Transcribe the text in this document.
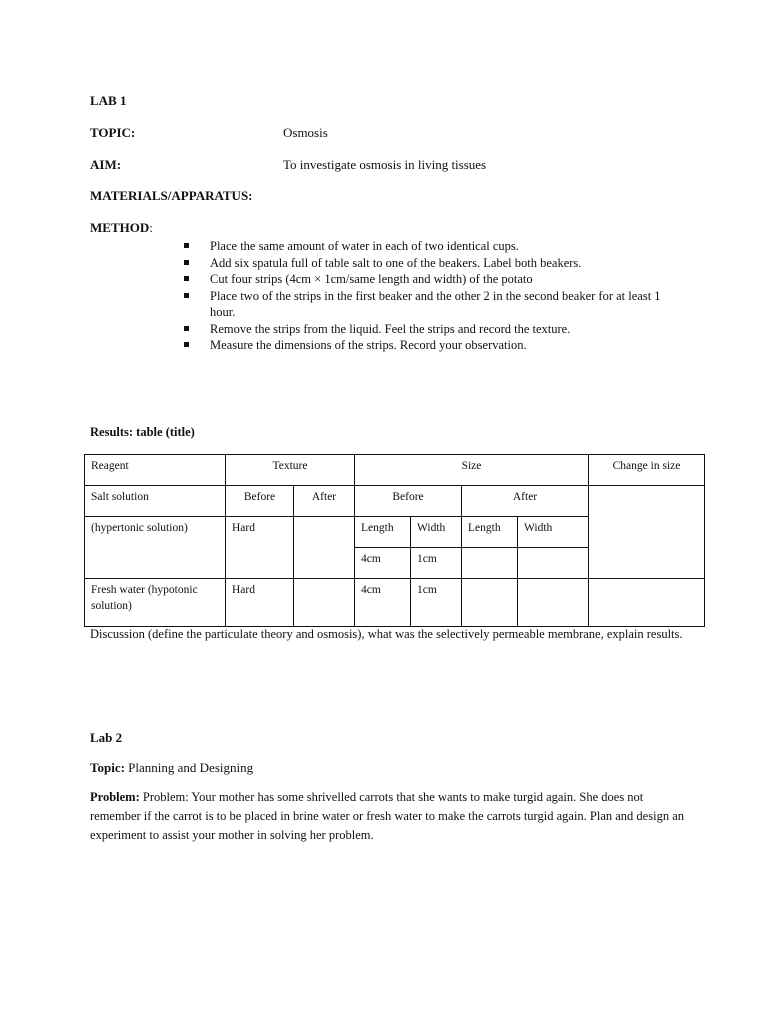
LAB 1
TOPIC:	Osmosis
AIM:	To investigate osmosis in living tissues
MATERIALS/APPARATUS:
METHOD:
Place the same amount of water in each of two identical cups.
Add six spatula full of table salt to one of the beakers. Label both beakers.
Cut four strips (4cm × 1cm/same length and width) of the potato
Place two of the strips in the first beaker and the other 2 in the second beaker for at least 1 hour.
Remove the strips from the liquid. Feel the strips and record the texture.
Measure the dimensions of the strips. Record your observation.
Results: table (title)
Reagent	Texture		Size				Change in size
Salt solution	Before	After	Before		After		
(hypertonic solution)	Hard		Length	Width	Length	Width	
			4cm	1cm			
Fresh water (hypotonic solution)	Hard		4cm	1cm			
Discussion (define the particulate theory and osmosis), what was the selectively permeable membrane, explain results.
Lab 2
Topic: Planning and Designing
Problem: Problem: Your mother has some shrivelled carrots that she wants to make turgid again. She does not remember if the carrot is to be placed in brine water or fresh water to make the carrots turgid again. Plan and design an experiment to assist your mother in solving her problem.
